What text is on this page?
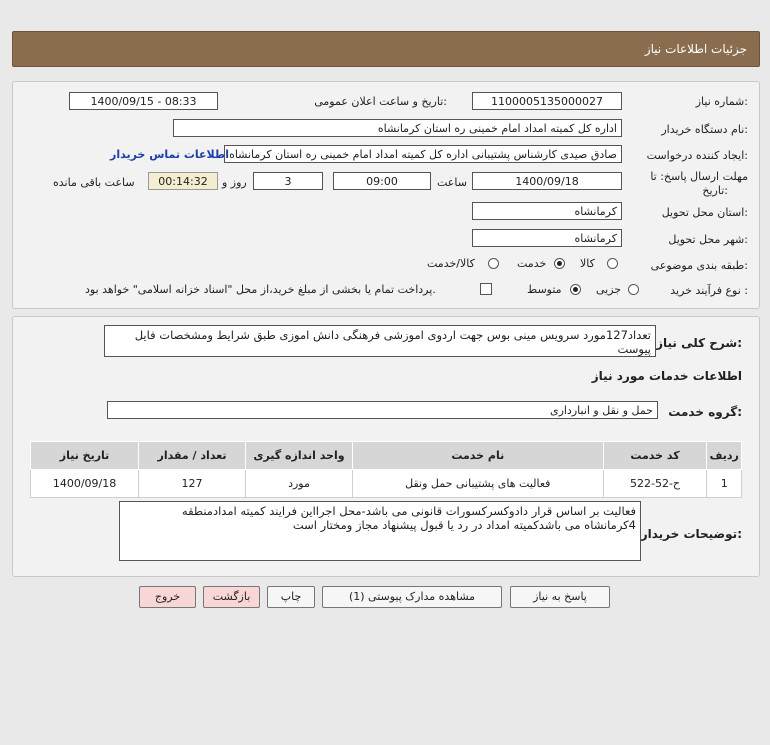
جزئیات اطلاعات نیاز
شماره نیاز:
1100005135000027
تاریخ و ساعت اعلان عمومی:
1400/09/15 - 08:33
نام دستگاه خریدار:
اداره کل کمیته امداد امام خمینی ره استان کرمانشاه
ایجاد کننده درخواست:
صادق صیدی کارشناس پشتیبانی اداره کل کمیته امداد امام خمینی ره استان کرمانشاه
اطلاعات تماس خریدار
مهلت ارسال پاسخ: تا
تاریخ:
1400/09/18
ساعت
09:00
3
روز و
00:14:32
ساعت باقی مانده
استان محل تحویل:
کرمانشاه
شهر محل تحویل:
کرمانشاه
طبقه بندی موضوعی:
کالا
خدمت
کالا/خدمت
نوع فرآیند خرید :
جزیی
متوسط
پرداخت تمام یا بخشی از مبلغ خرید،از محل "اسناد خزانه اسلامی" خواهد بود.
شرح کلی نیاز:
تعداد127مورد سرویس مینی بوس جهت اردوی اموزشی فرهنگی دانش اموزی طبق شرایط ومشخصات فایل پیوست
اطلاعات خدمات مورد نیاز
گروه خدمت:
حمل و نقل و انبارداری
ردیف	کد خدمت	نام خدمت	واحد اندازه گیری	تعداد / مقدار	تاریخ نیاز
1	ح-52-522	فعالیت های پشتیبانی حمل ونقل	مورد	127	1400/09/18
توضیحات خریدار:
فعالیت بر اساس قرار دادوکسرکسورات قانونی می باشد-محل اجرااین فرایند کمیته امدادمنطقه
4کرمانشاه می باشدکمیته امداد در رد یا قبول پیشنهاد مجاز ومختار است
پاسخ به نیاز
مشاهده مدارک پیوستی (1)
چاپ
بازگشت
خروج
